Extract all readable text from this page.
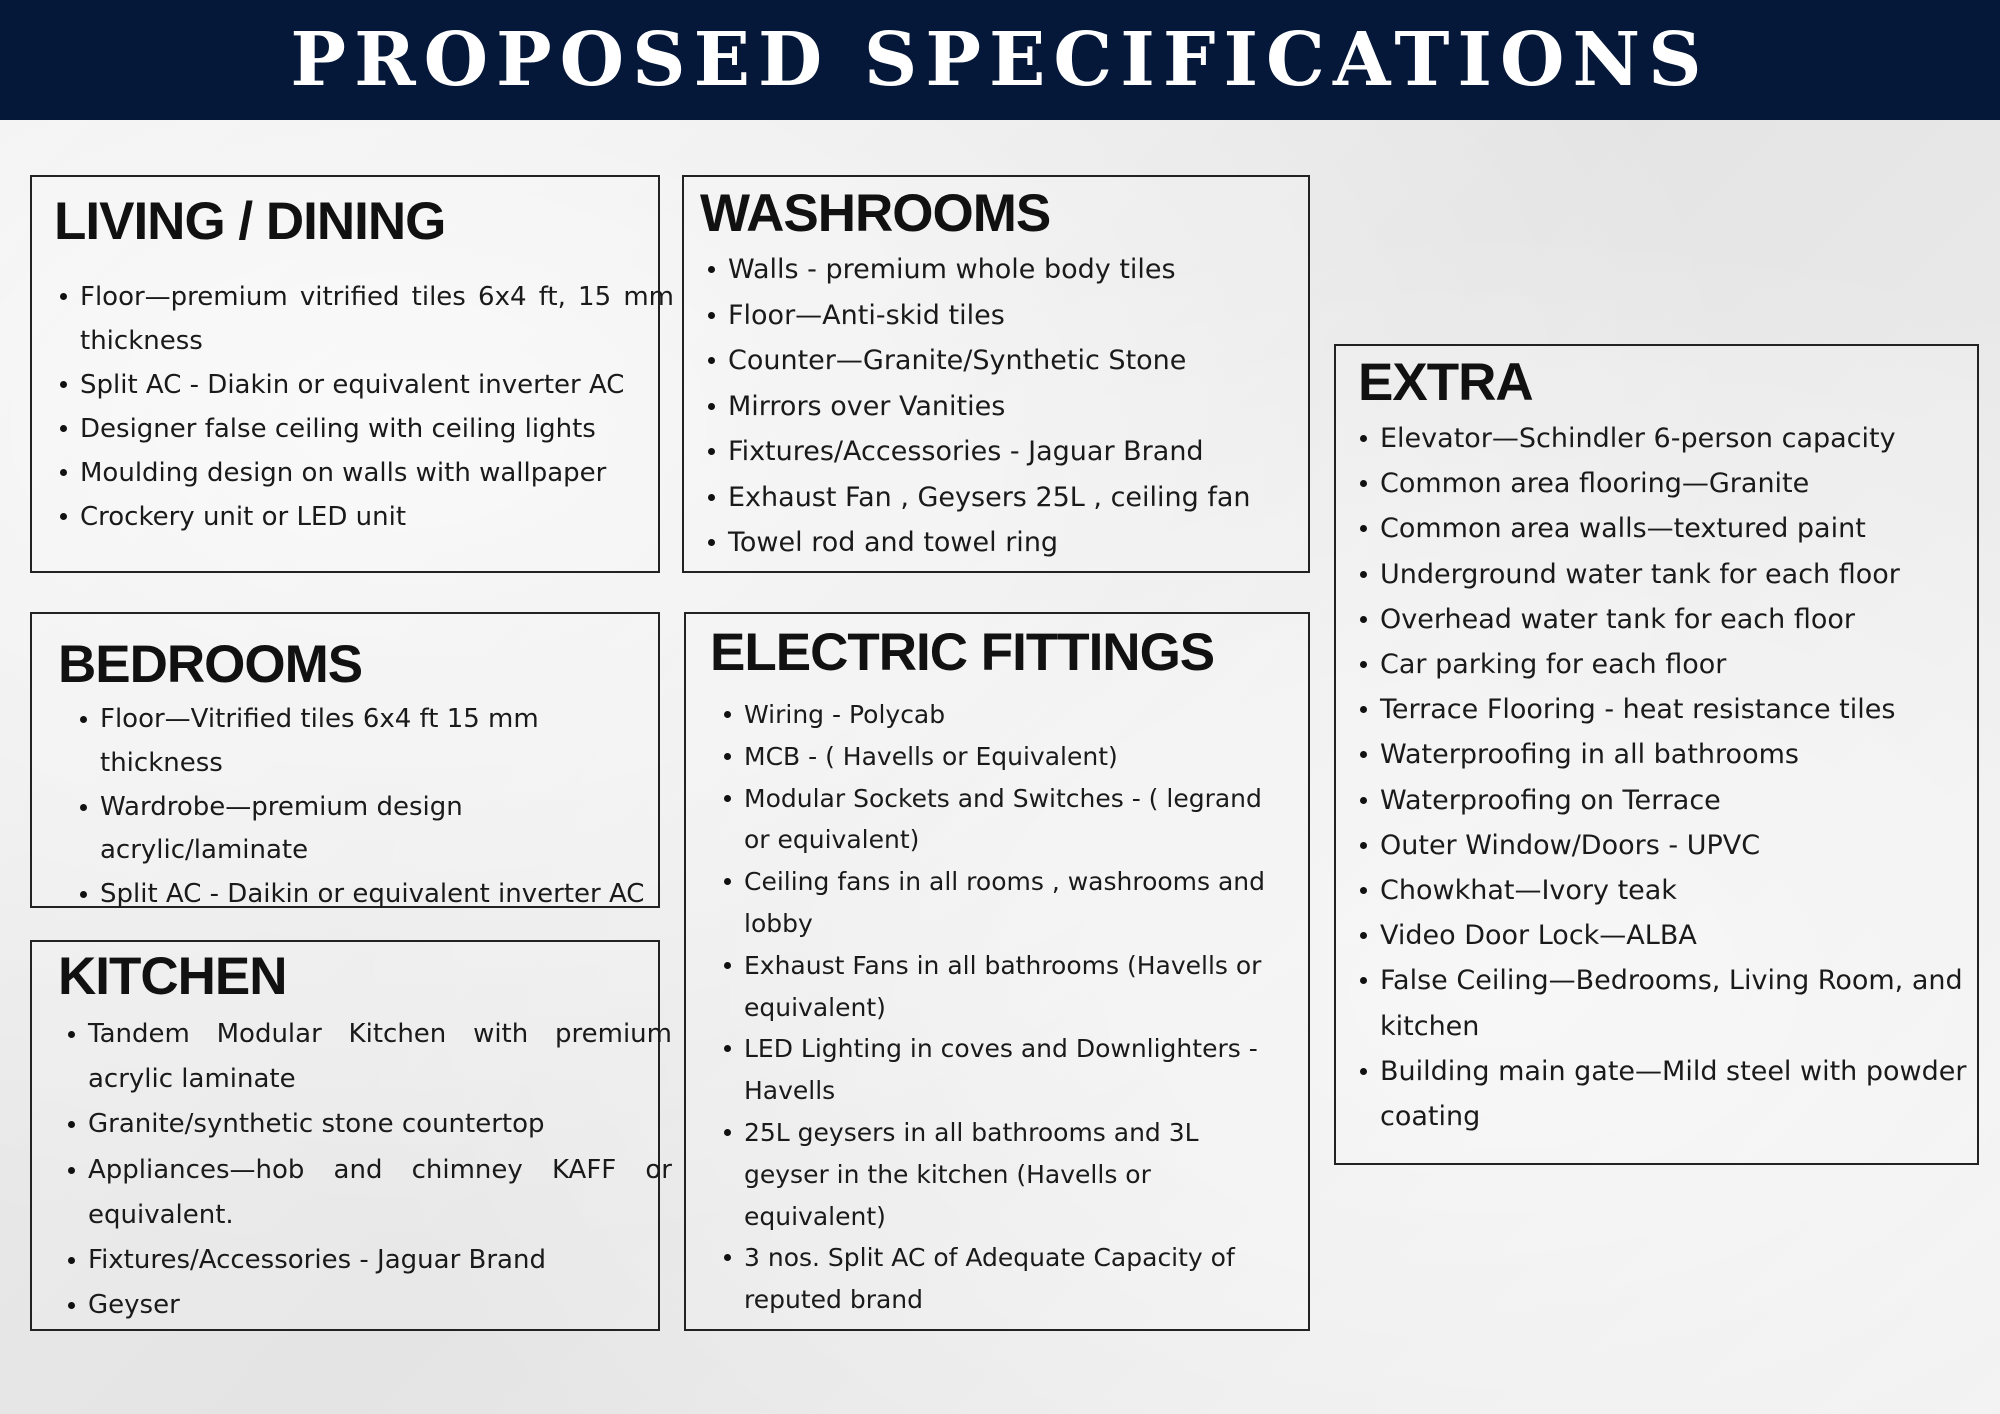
PROPOSED SPECIFICATIONS
LIVING / DINING
Floor—premium vitrified tiles 6x4 ft, 15 mm thickness
Split AC - Diakin or equivalent inverter AC
Designer false ceiling with ceiling lights
Moulding design on walls with wallpaper
Crockery unit or LED unit
WASHROOMS
Walls - premium whole body tiles
Floor—Anti-skid tiles
Counter—Granite/Synthetic Stone
Mirrors over Vanities
Fixtures/Accessories - Jaguar Brand
Exhaust Fan , Geysers 25L , ceiling fan
Towel rod and towel ring
EXTRA
Elevator—Schindler 6-person capacity
Common area flooring—Granite
Common area walls—textured paint
Underground water tank for each floor
Overhead water tank for each floor
Car parking for each floor
Terrace Flooring - heat resistance tiles
Waterproofing in all bathrooms
Waterproofing on Terrace
Outer Window/Doors - UPVC
Chowkhat—Ivory teak
Video Door Lock—ALBA
False Ceiling—Bedrooms, Living Room, and kitchen
Building main gate—Mild steel with powder coating
BEDROOMS
Floor—Vitrified tiles 6x4 ft 15 mm thickness
Wardrobe—premium design acrylic/laminate
Split AC - Daikin or equivalent inverter AC
KITCHEN
Tandem Modular Kitchen with premium acrylic laminate
Granite/synthetic stone countertop
Appliances—hob and chimney KAFF or equivalent.
Fixtures/Accessories - Jaguar Brand
Geyser
ELECTRIC FITTINGS
Wiring - Polycab
MCB - ( Havells or Equivalent)
Modular Sockets and Switches - ( legrand or equivalent)
Ceiling fans in all rooms , washrooms and lobby
Exhaust Fans in all bathrooms (Havells or equivalent)
LED Lighting in coves and Downlighters - Havells
25L geysers in all bathrooms and 3L geyser in the kitchen (Havells or equivalent)
3 nos. Split AC of Adequate Capacity of reputed brand
